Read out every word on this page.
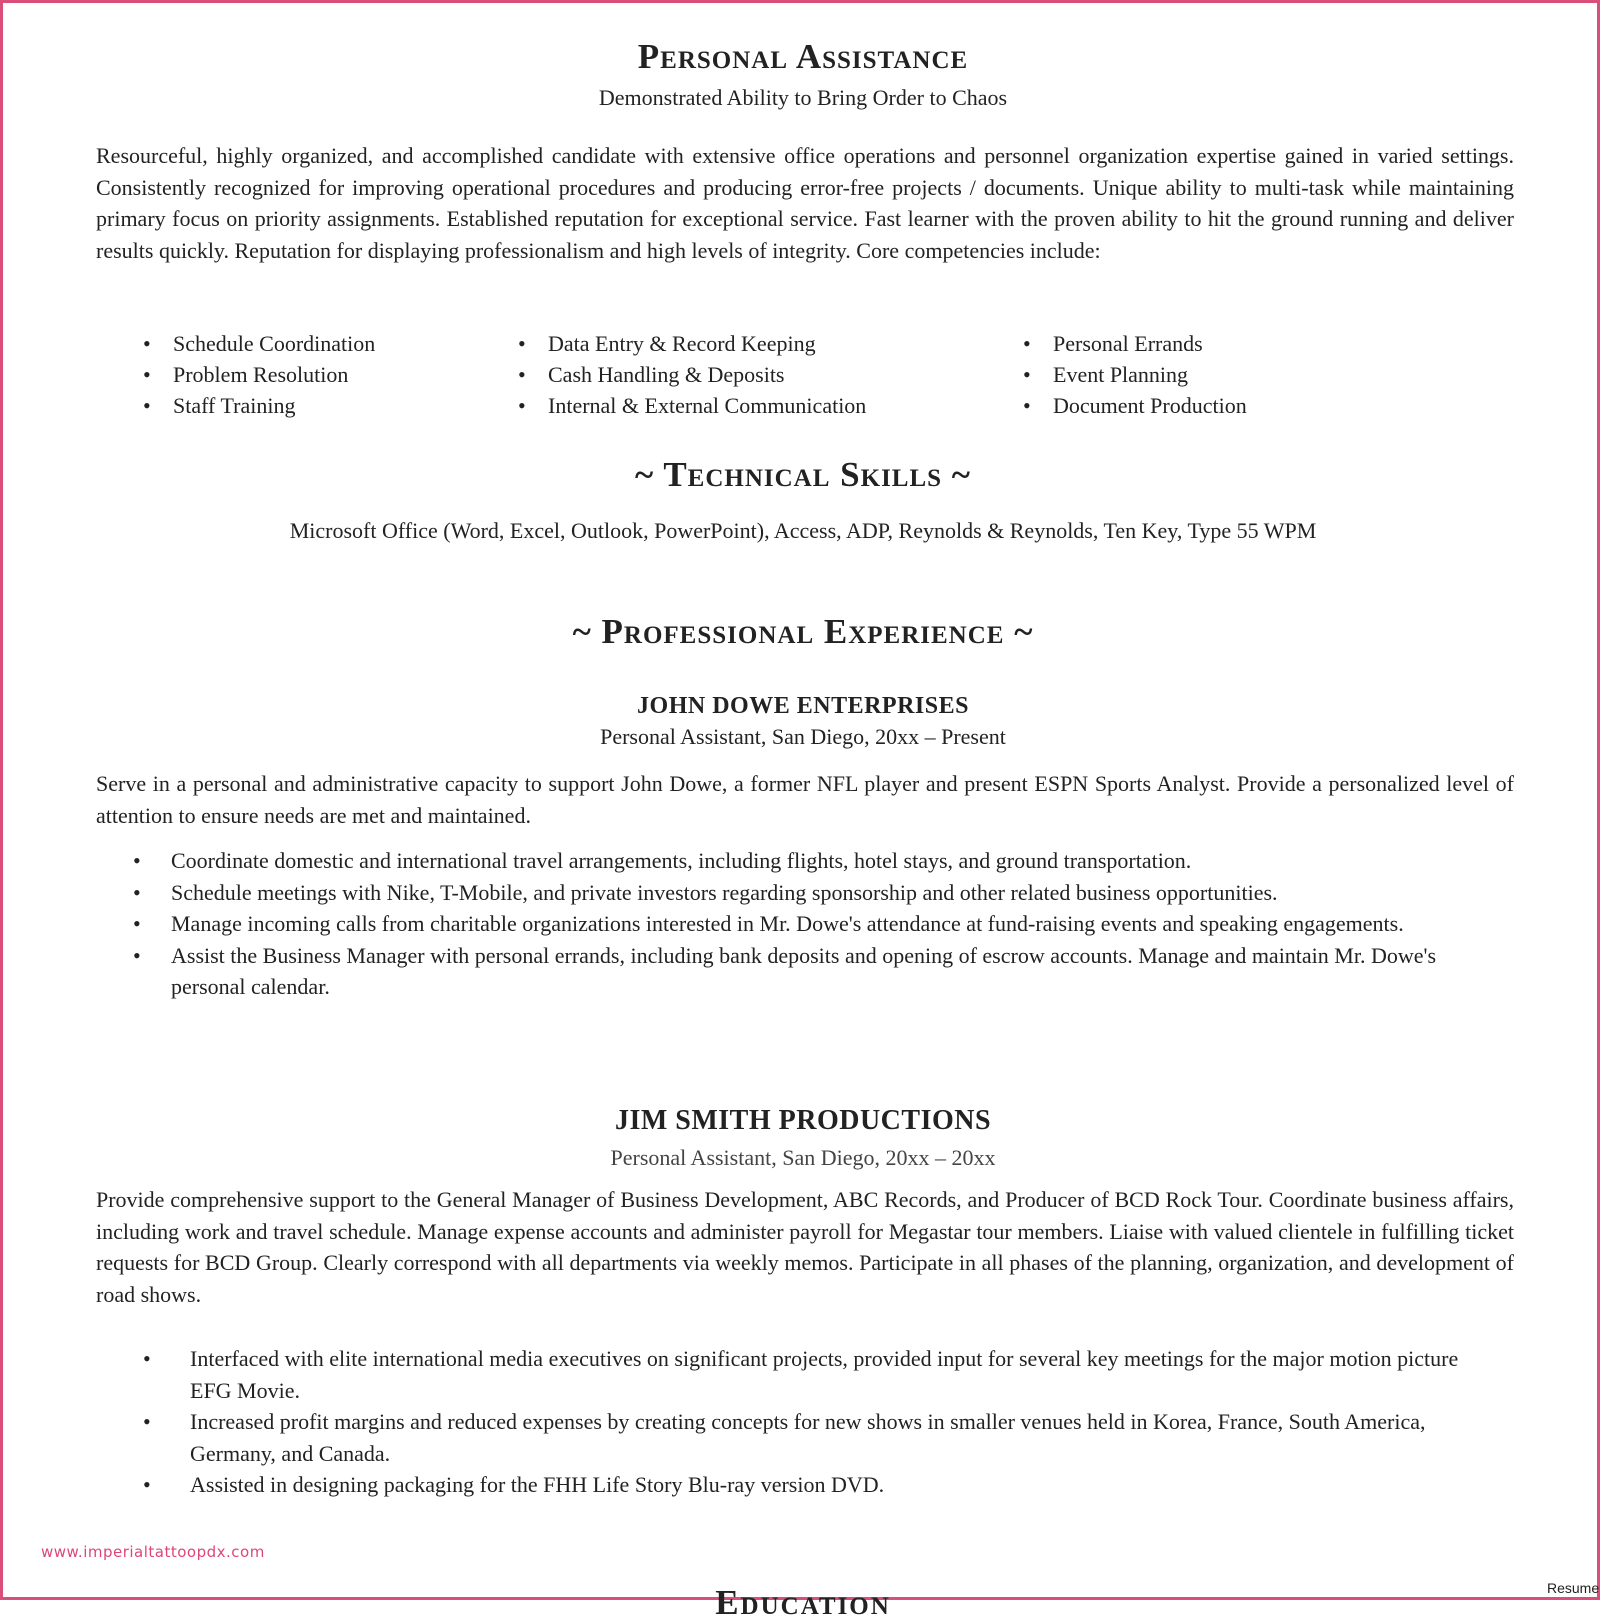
Personal Assistance
Demonstrated Ability to Bring Order to Chaos
Resourceful, highly organized, and accomplished candidate with extensive office operations and personnel organization expertise gained in varied settings. Consistently recognized for improving operational procedures and producing error-free projects / documents. Unique ability to multi-task while maintaining primary focus on priority assignments. Established reputation for exceptional service. Fast learner with the proven ability to hit the ground running and deliver results quickly. Reputation for displaying professionalism and high levels of integrity. Core competencies include:
• Schedule Coordination
• Problem Resolution
• Staff Training
• Data Entry & Record Keeping
• Cash Handling & Deposits
• Internal & External Communication
• Personal Errands
• Event Planning
• Document Production
~ Technical Skills ~
Microsoft Office (Word, Excel, Outlook, PowerPoint), Access, ADP, Reynolds & Reynolds, Ten Key, Type 55 WPM
~ Professional Experience ~
JOHN DOWE ENTERPRISES
Personal Assistant, San Diego, 20xx – Present
Serve in a personal and administrative capacity to support John Dowe, a former NFL player and present ESPN Sports Analyst. Provide a personalized level of attention to ensure needs are met and maintained.
• Coordinate domestic and international travel arrangements, including flights, hotel stays, and ground transportation.
• Schedule meetings with Nike, T-Mobile, and private investors regarding sponsorship and other related business opportunities.
• Manage incoming calls from charitable organizations interested in Mr. Dowe's attendance at fund-raising events and speaking engagements.
• Assist the Business Manager with personal errands, including bank deposits and opening of escrow accounts. Manage and maintain Mr. Dowe's personal calendar.
JIM SMITH PRODUCTIONS
Personal Assistant, San Diego, 20xx – 20xx
Provide comprehensive support to the General Manager of Business Development, ABC Records, and Producer of BCD Rock Tour. Coordinate business affairs, including work and travel schedule. Manage expense accounts and administer payroll for Megastar tour members. Liaise with valued clientele in fulfilling ticket requests for BCD Group. Clearly correspond with all departments via weekly memos. Participate in all phases of the planning, organization, and development of road shows.
• Interfaced with elite international media executives on significant projects, provided input for several key meetings for the major motion picture EFG Movie.
• Increased profit margins and reduced expenses by creating concepts for new shows in smaller venues held in Korea, France, South America, Germany, and Canada.
• Assisted in designing packaging for the FHH Life Story Blu-ray version DVD.
www.imperialtattoopdx.com
Education	Resume
